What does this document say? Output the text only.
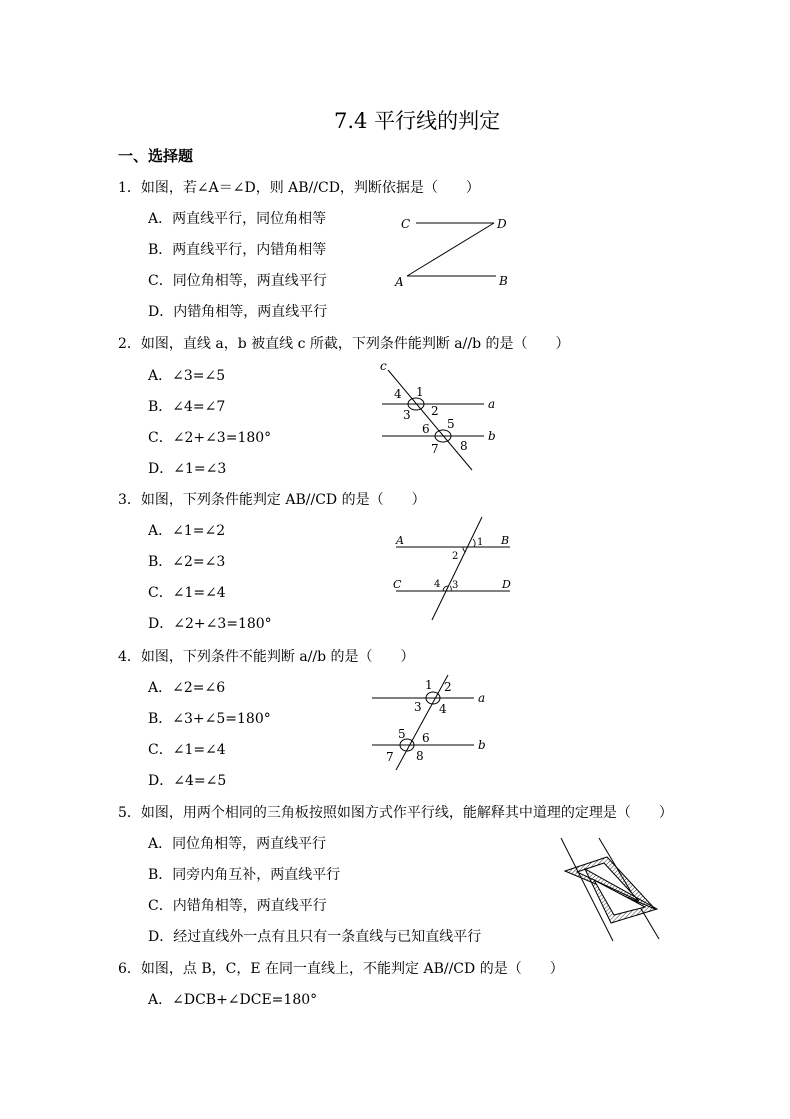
7.4 平行线的判定
一、选择题
1．如图，若∠A＝∠D，则 AB//CD，判断依据是（　　）
A．两直线平行，同位角相等
B．两直线平行，内错角相等
C．同位角相等，两直线平行
D．内错角相等，两直线平行
C	D
A	B
2．如图，直线 a，b 被直线 c 所截，下列条件能判断 a//b 的是（　　）
A．∠3=∠5
B．∠4=∠7
C．∠2+∠3=180°
D．∠1=∠3
c
4 1
3 2	a
6 5
b
7 8
3．如图，下列条件能判定 AB//CD 的是（　　）
A．∠1=∠2
B．∠2=∠3
C．∠1=∠4
D．∠2+∠3=180°
A	1 B
2
C	4 3	D
4．如图，下列条件不能判断 a//b 的是（　　）
A．∠2=∠6
B．∠3+∠5=180°
C．∠1=∠4
D．∠4=∠5
1 2
a
3 4
5 6	b
7 8
5．如图，用两个相同的三角板按照如图方式作平行线，能解释其中道理的定理是（　　）
A．同位角相等，两直线平行
B．同旁内角互补，两直线平行
C．内错角相等，两直线平行
D．经过直线外一点有且只有一条直线与已知直线平行
6．如图，点 B，C，E 在同一直线上，不能判定 AB//CD 的是（　　）
A．∠DCB+∠DCE=180°
